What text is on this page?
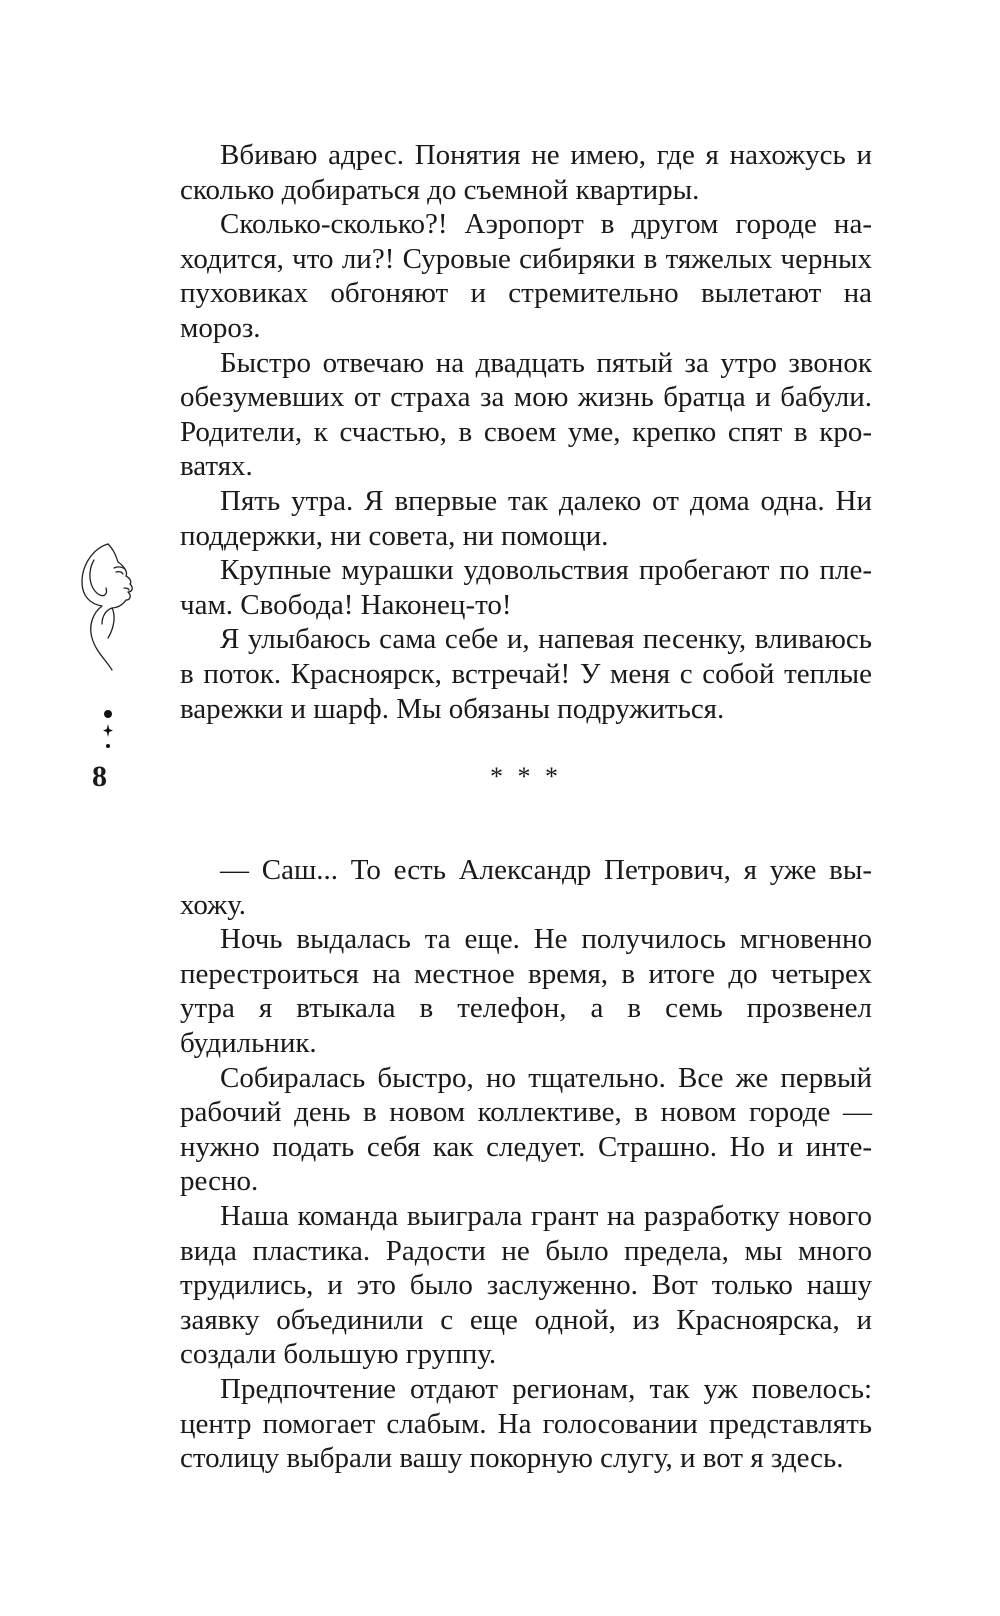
Вбиваю адрес. Понятия не имею, где я нахожусь и сколько добираться до съемной квартиры.

Сколько-сколько?! Аэропорт в другом городе находится, что ли?! Суровые сибиряки в тяжелых черных пуховиках обгоняют и стремительно вылетают на мороз.

Быстро отвечаю на двадцать пятый за утро звонок обезумевших от страха за мою жизнь братца и бабули. Родители, к счастью, в своем уме, крепко спят в кроватях.

Пять утра. Я впервые так далеко от дома одна. Ни поддержки, ни совета, ни помощи.

Крупные мурашки удовольствия пробегают по плечам. Свобода! Наконец-то!

Я улыбаюсь сама себе и, напевая песенку, вливаюсь в поток. Красноярск, встречай! У меня с собой теплые варежки и шарф. Мы обязаны подружиться.

* * *

— Саш... То есть Александр Петрович, я уже выхожу.

Ночь выдалась та еще. Не получилось мгновенно перестроиться на местное время, в итоге до четырех утра я втыкала в телефон, а в семь прозвенел будильник.

Собиралась быстро, но тщательно. Все же первый рабочий день в новом коллективе, в новом городе — нужно подать себя как следует. Страшно. Но и интересно.

Наша команда выиграла грант на разработку нового вида пластика. Радости не было предела, мы много трудились, и это было заслуженно. Вот только нашу заявку объединили с еще одной, из Красноярска, и создали большую группу.

Предпочтение отдают регионам, так уж повелось: центр помогает слабым. На голосовании представлять столицу выбрали вашу покорную слугу, и вот я здесь.

8
